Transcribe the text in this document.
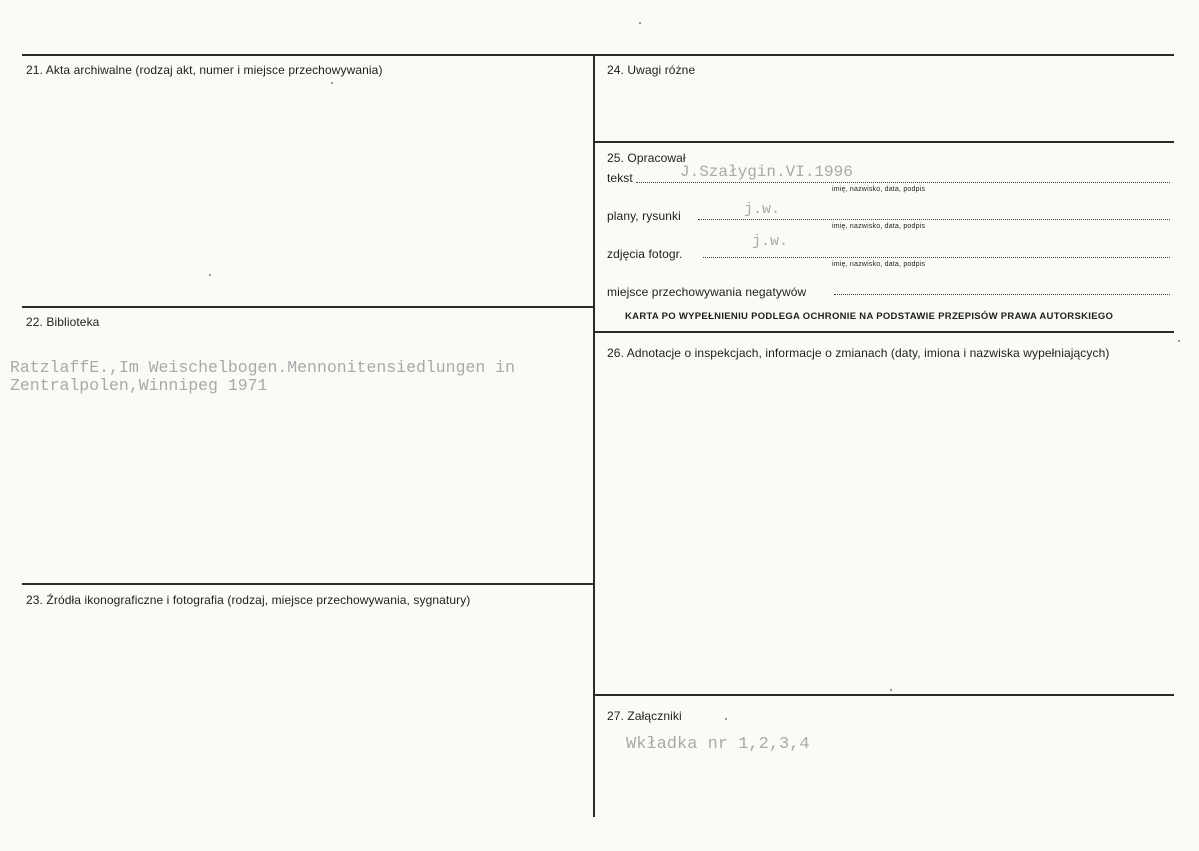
21. Akta archiwalne (rodzaj akt, numer i miejsce przechowywania)
22. Biblioteka
RatzlaffE.,Im Weischelbogen.Mennonitensiedlungen in
Zentralpolen,Winnipeg 1971
23. Źródła ikonograficzne i fotografia (rodzaj, miejsce przechowywania, sygnatury)
24. Uwagi różne
25. Opracował
tekst	J.Szałygin.VI.1996
imię, nazwisko, data, podpis
plany, rysunki	j.w.
imię, nazwisko, data, podpis
zdjęcia fotogr.
j.w.
imię, nazwisko, data, podpis
miejsce przechowywania negatywów
KARTA PO WYPEŁNIENIU PODLEGA OCHRONIE NA PODSTAWIE PRZEPISÓW PRAWA AUTORSKIEGO
26. Adnotacje o inspekcjach, informacje o zmianach (daty, imiona i nazwiska wypełniających)
27. Załączniki
Wkładka nr 1,2,3,4
